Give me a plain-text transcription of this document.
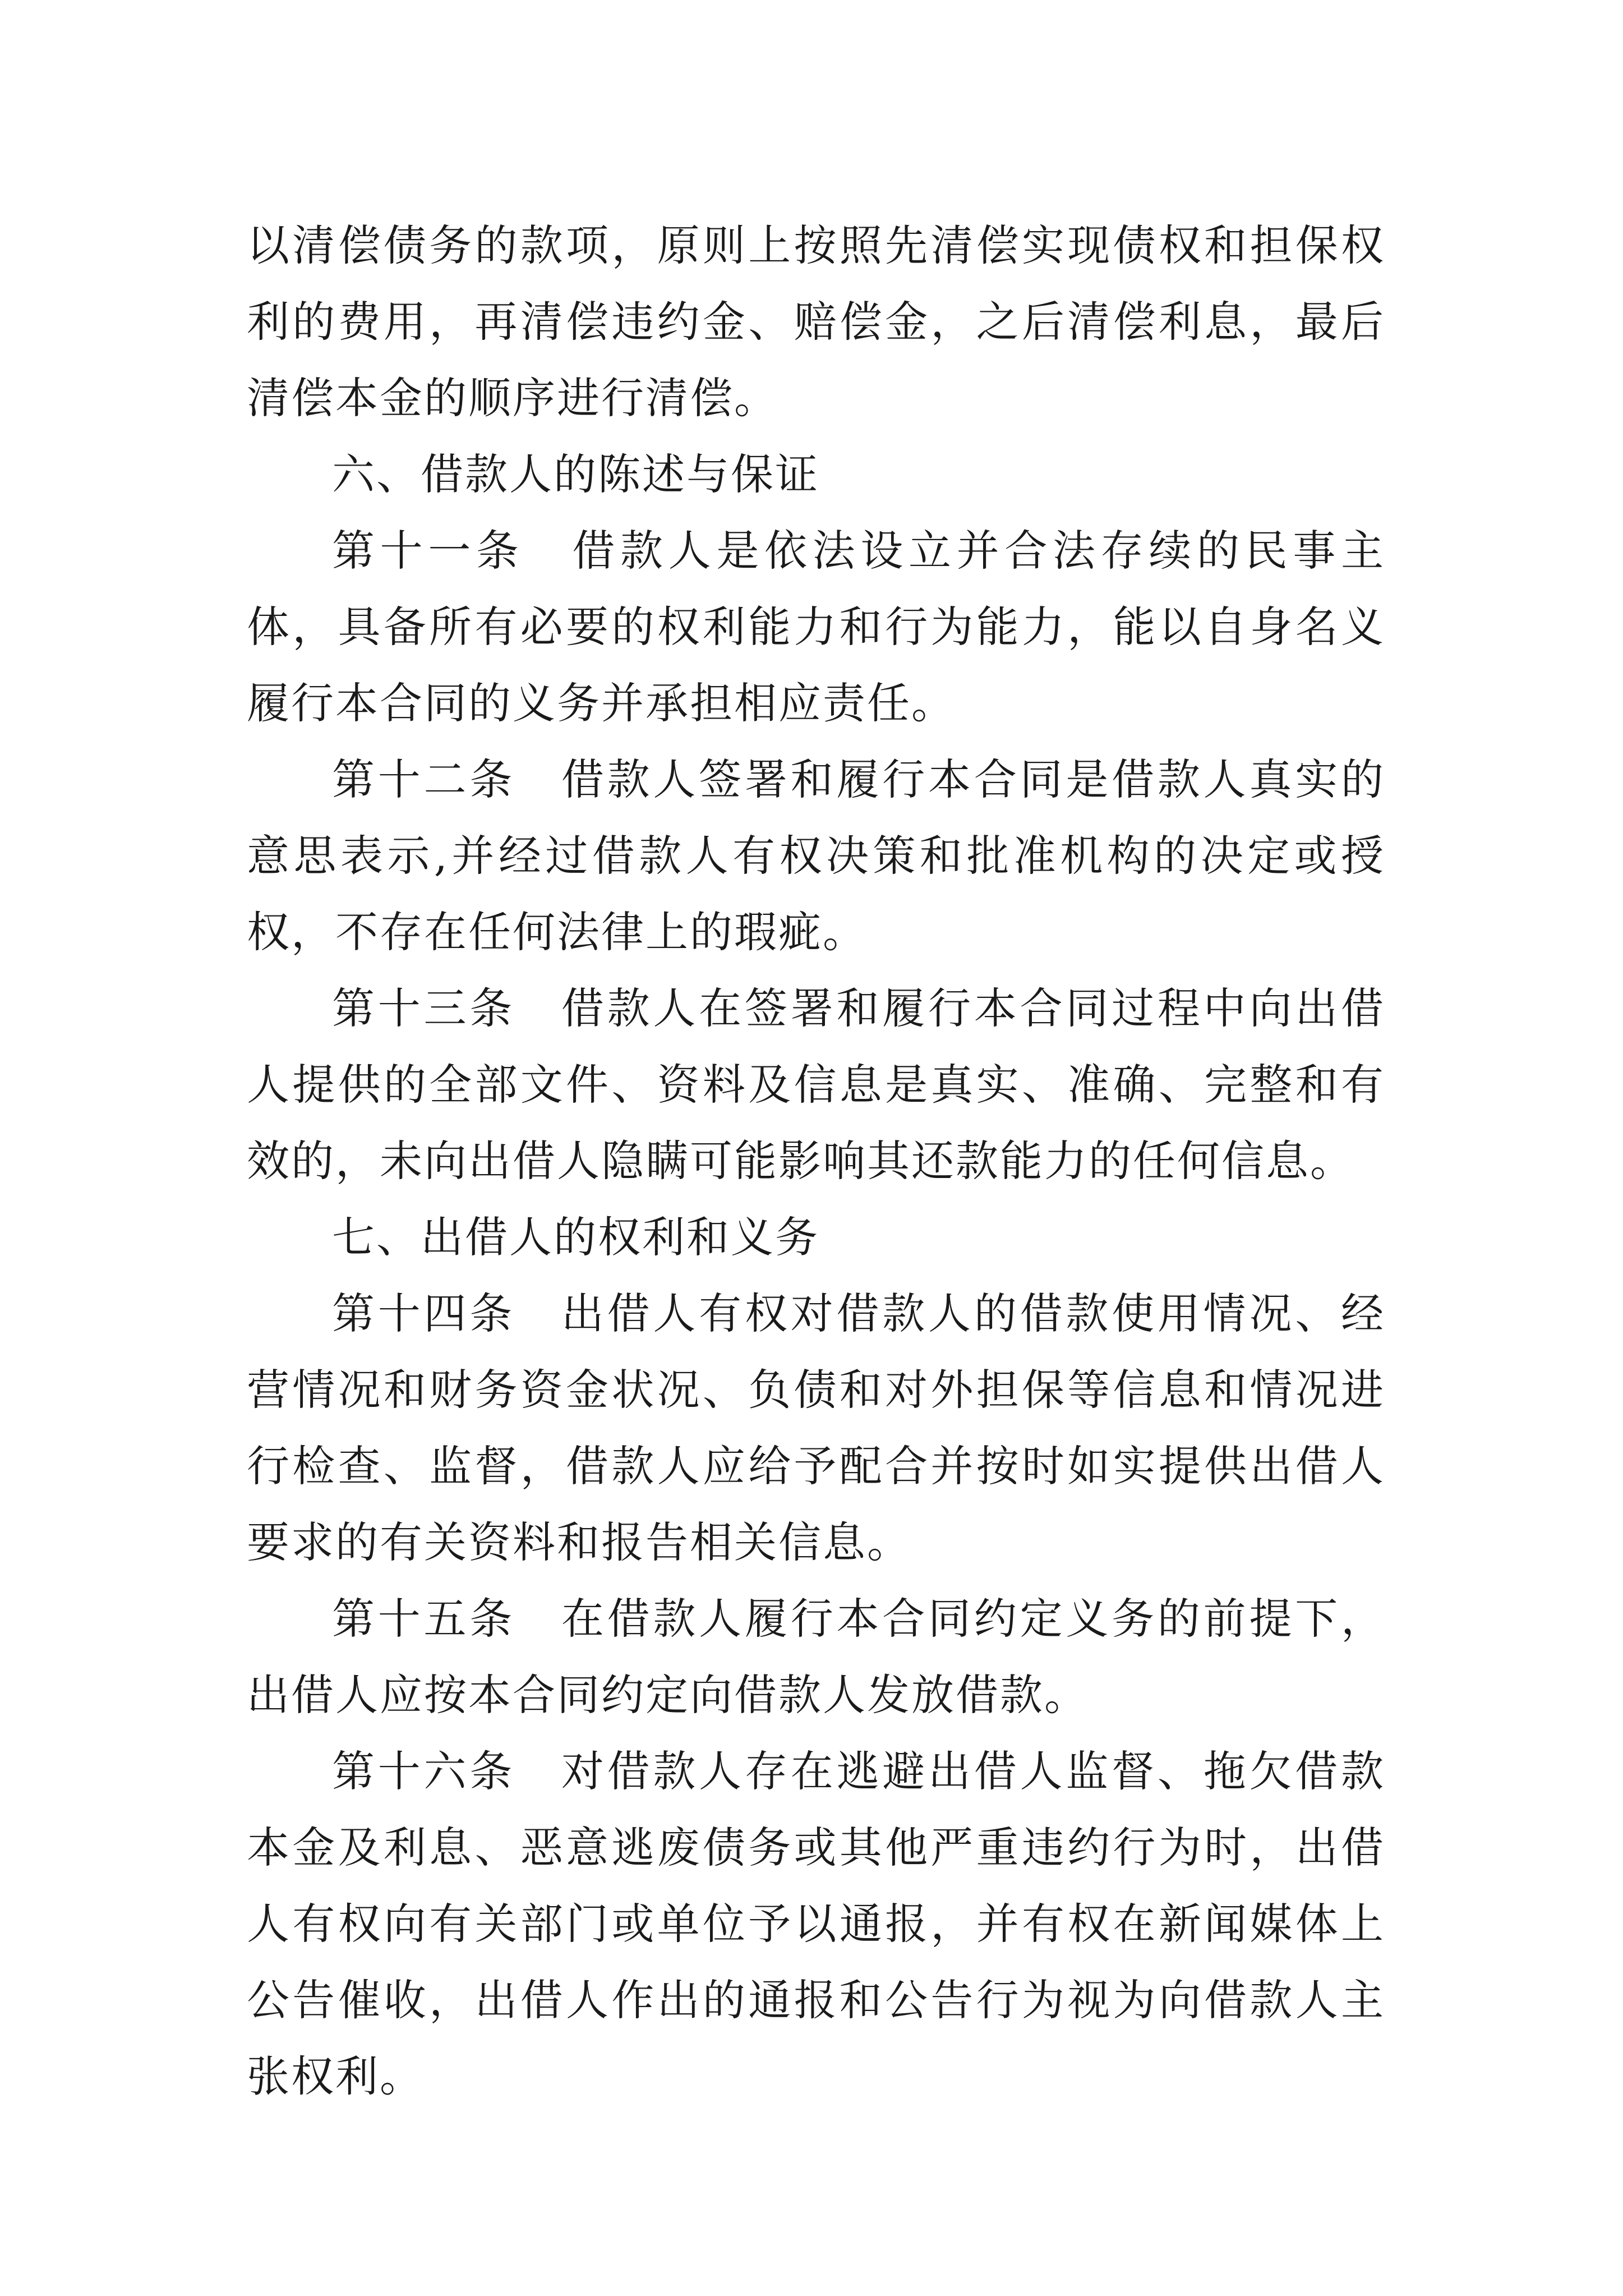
以清偿债务的款项，原则上按照先清偿实现债权和担保权利的费用，再清偿违约金、赔偿金，之后清偿利息，最后清偿本金的顺序进行清偿。

六、借款人的陈述与保证

第十一条　借款人是依法设立并合法存续的民事主体，具备所有必要的权利能力和行为能力，能以自身名义履行本合同的义务并承担相应责任。

第十二条　借款人签署和履行本合同是借款人真实的意思表示,并经过借款人有权决策和批准机构的决定或授权，不存在任何法律上的瑕疵。

第十三条　借款人在签署和履行本合同过程中向出借人提供的全部文件、资料及信息是真实、准确、完整和有效的，未向出借人隐瞒可能影响其还款能力的任何信息。

七、出借人的权利和义务

第十四条　出借人有权对借款人的借款使用情况、经营情况和财务资金状况、负债和对外担保等信息和情况进行检查、监督，借款人应给予配合并按时如实提供出借人要求的有关资料和报告相关信息。

第十五条　在借款人履行本合同约定义务的前提下，出借人应按本合同约定向借款人发放借款。

第十六条　对借款人存在逃避出借人监督、拖欠借款本金及利息、恶意逃废债务或其他严重违约行为时，出借人有权向有关部门或单位予以通报，并有权在新闻媒体上公告催收，出借人作出的通报和公告行为视为向借款人主张权利。
